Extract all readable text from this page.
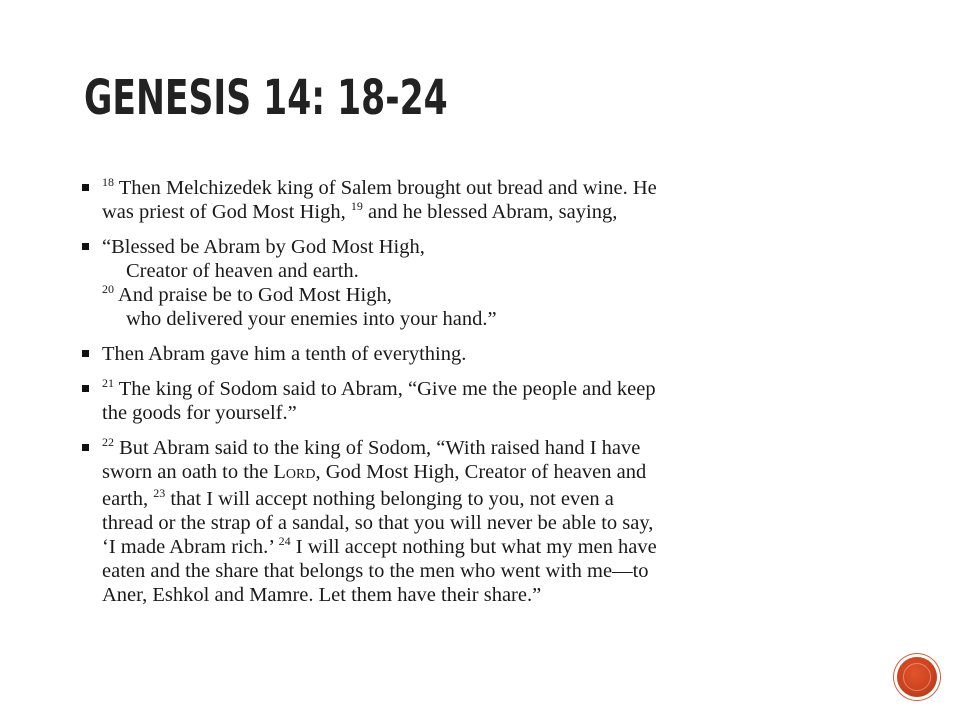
GENESIS 14: 18-24
$^{18}$ Then Melchizedek king of Salem brought out bread and wine. He
was priest of God Most High, $^{19}$ and he blessed Abram, saying,
“Blessed be Abram by God Most High,
Creator of heaven and earth.
$^{20}$ And praise be to God Most High,
who delivered your enemies into your hand.”
Then Abram gave him a tenth of everything.
$^{21}$ The king of Sodom said to Abram, “Give me the people and keep
the goods for yourself.”
$^{22}$ But Abram said to the king of Sodom, “With raised hand I have
sworn an oath to the LORD, God Most High, Creator of heaven and
earth, $^{23}$ that I will accept nothing belonging to you, not even a
thread or the strap of a sandal, so that you will never be able to say,
‘I made Abram rich.’ $^{24}$ I will accept nothing but what my men have
eaten and the share that belongs to the men who went with me—to
Aner, Eshkol and Mamre. Let them have their share.”
